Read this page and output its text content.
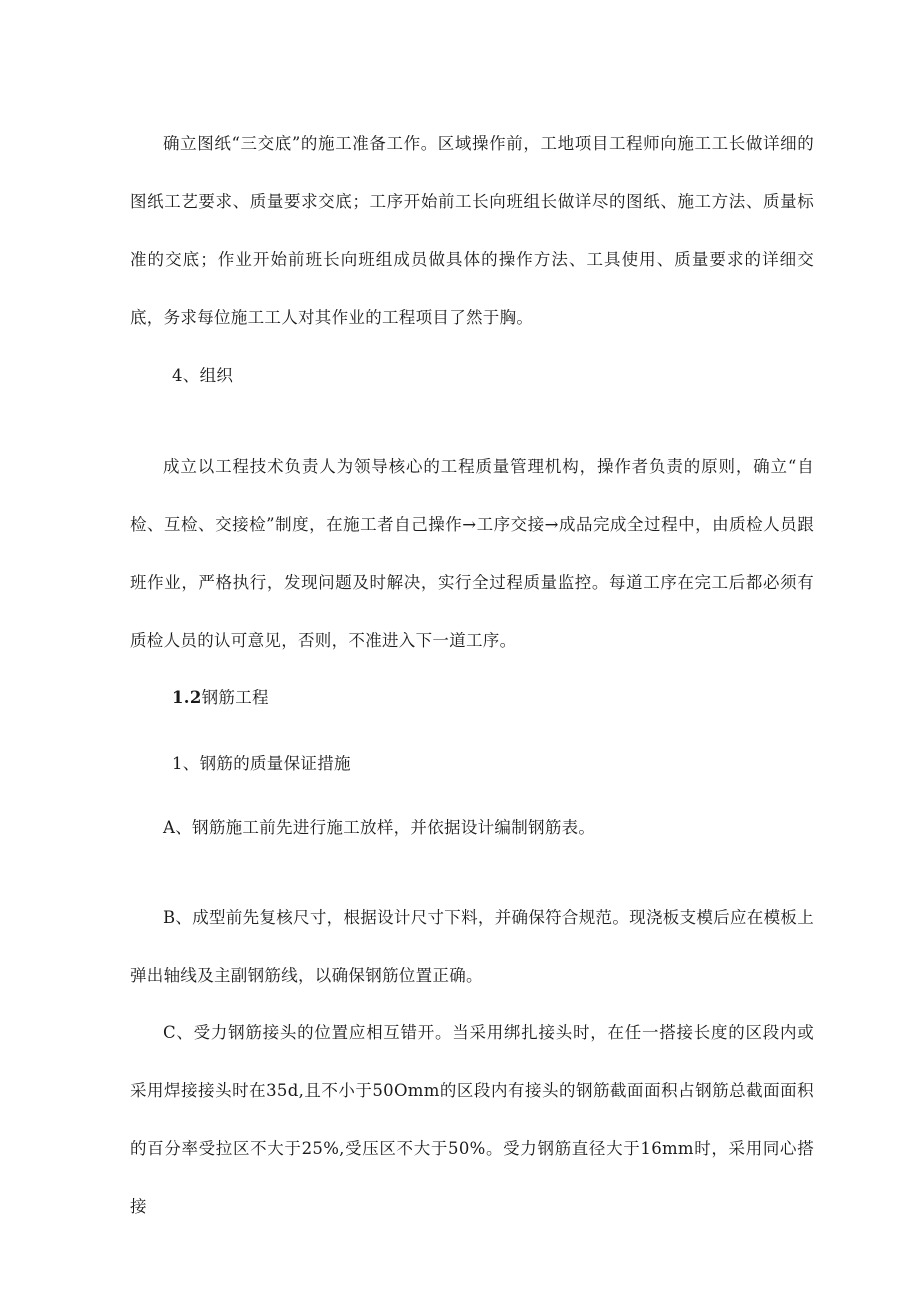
确立图纸“三交底”的施工准备工作。区域操作前，工地项目工程师向施工工长做详细的图纸工艺要求、质量要求交底；工序开始前工长向班组长做详尽的图纸、施工方法、质量标准的交底；作业开始前班长向班组成员做具体的操作方法、工具使用、质量要求的详细交底，务求每位施工工人对其作业的工程项目了然于胸。

4、组织

成立以工程技术负责人为领导核心的工程质量管理机构，操作者负责的原则，确立“自检、互检、交接检”制度，在施工者自己操作→工序交接→成品完成全过程中，由质检人员跟班作业，严格执行，发现问题及时解决，实行全过程质量监控。每道工序在完工后都必须有质检人员的认可意见，否则，不准进入下一道工序。

1.2钢筋工程

1、钢筋的质量保证措施

A、钢筋施工前先进行施工放样，并依据设计编制钢筋表。

B、成型前先复核尺寸，根据设计尺寸下料，并确保符合规范。现浇板支模后应在模板上弹出轴线及主副钢筋线，以确保钢筋位置正确。

C、受力钢筋接头的位置应相互错开。当采用绑扎接头时，在任一搭接长度的区段内或采用焊接接头时在35d,且不小于50Omm的区段内有接头的钢筋截面面积占钢筋总截面面积的百分率受拉区不大于25%,受压区不大于50%。受力钢筋直径大于16mm时，采用同心搭接
